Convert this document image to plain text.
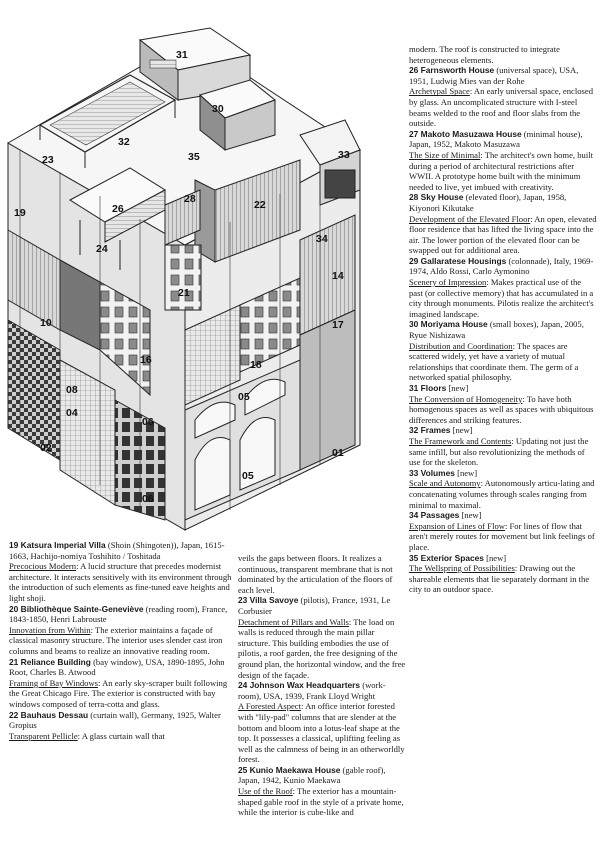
31
30
32
23	35	33
28
26	22
19
24
34
14
21
10	17
16	18
08
05
04
06
02	01
05
06

19 Katsura Imperial Villa (Shoin (Shingoten)), Japan, 1615-1663, Hachijo-nomiya Toshihito / Toshitada
Precocious Modern: A lucid structure that precedes modernist architecture. It interacts sensitively with its environment through the introduction of such elements as fine-tuned eave heights and light shoji.

20 Bibliothèque Sainte-Geneviève (reading room), France, 1843-1850, Henri Labrouste
Innovation from Within: The exterior maintains a façade of classical masonry structure. The interior uses slender cast iron columns and beams to realize an innovative reading room.

21 Reliance Building (bay window), USA, 1890-1895, John Root, Charles B. Atwood
Framing of Bay Windows: An early sky-scraper built following the Great Chicago Fire. The exterior is constructed with bay windows composed of terra-cotta and glass.

22 Bauhaus Dessau (curtain wall), Germany, 1925, Walter Gropius
Transparent Pellicle: A glass curtain wall that

veils the gaps between floors. It realizes a continuous, transparent membrane that is not dominated by the articulation of the floors of each level.

23 Villa Savoye (pilotis), France, 1931, Le Corbusier
Detachment of Pillars and Walls: The load on walls is reduced through the main pillar structure. This building embodies the use of pilotis, a roof garden, the free designing of the ground plan, the horizontal window, and the free design of the façade.

24 Johnson Wax Headquarters (work-room), USA, 1939, Frank Lloyd Wright
A Forested Aspect: An office interior forested with "lily-pad" columns that are slender at the bottom and bloom into a lotus-leaf shape at the top. It possesses a classical, uplifting feeling as well as the calmness of being in an otherworldly forest.

25 Kunio Maekawa House (gable roof), Japan, 1942, Kunio Maekawa
Use of the Roof: The exterior has a mountain-shaped gable roof in the style of a private home, while the interior is cube-like and

modern. The roof is constructed to integrate heterogeneous elements.

26 Farnsworth House (universal space), USA, 1951, Ludwig Mies van der Rohe
Archetypal Space: An early universal space, enclosed by glass. An uncomplicated structure with I-steel beams welded to the roof and floor slabs from the outside.

27 Makoto Masuzawa House (minimal house), Japan, 1952, Makoto Masuzawa
The Size of Minimal: The architect's own home, built during a period of architectural restrictions after WWII. A prototype home built with the minimum needed to live, yet imbued with creativity.

28 Sky House (elevated floor), Japan, 1958, Kiyonori Kikutake
Development of the Elevated Floor: An open, elevated floor residence that has lifted the living space into the air. The lower portion of the elevated floor can be swapped out for additional area.

29 Gallaratese Housings (colonnade), Italy, 1969-1974, Aldo Rossi, Carlo Aymonino
Scenery of Impression: Makes practical use of the past (or collective memory) that has accumulated in a city through monuments. Pilotis realize the architect's imagined landscape.

30 Moriyama House (small boxes), Japan, 2005, Ryue Nishizawa
Distribution and Coordination: The spaces are scattered widely, yet have a variety of mutual relationships that coordinate them. The germ of a networked spatial philosophy.

31 Floors [new]
The Conversion of Homogeneity: To have both homogenous spaces as well as spaces with ubiquitous differences and striking features.

32 Frames [new]
The Framework and Contents: Updating not just the same infill, but also revolutionizing the methods of use for the skeleton.

33 Volumes [new]
Scale and Autonomy: Autonomously articu-lating and concatenating volumes through scales ranging from minimal to maximal.

34 Passages [new]
Expansion of Lines of Flow: For lines of flow that aren't merely routes for movement but link feelings of place.

35 Exterior Spaces [new]
The Wellspring of Possibilities: Drawing out the shareable elements that lie separately dormant in the city to an outdoor space.
